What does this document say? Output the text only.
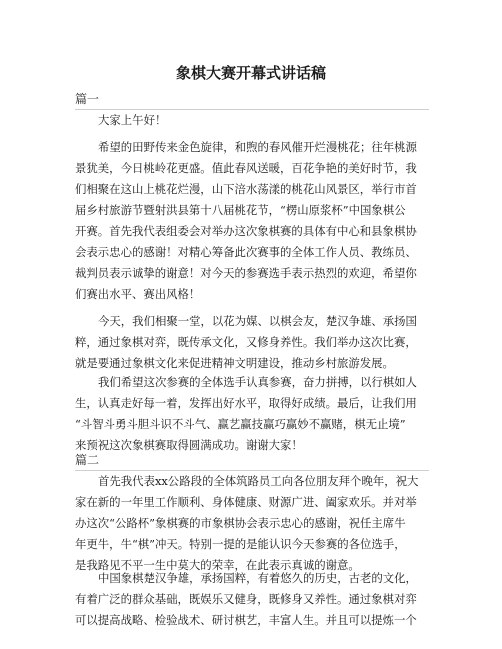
象棋大赛开幕式讲话稿
篇一
大家上午好！
希望的田野传来金色旋律，和煦的春风催开烂漫桃花；往年桃源
景犹美，今日桃岭花更盛。值此春风送暖，百花争艳的美好时节，我
们相聚在这山上桃花烂漫，山下涪水荡漾的桃花山风景区，举行市首
届乡村旅游节暨射洪县第十八届桃花节，“楞山原浆杯”中国象棋公
开赛。首先我代表组委会对举办这次象棋赛的具体有中心和县象棋协
会表示忠心的感谢！对精心筹备此次赛事的全体工作人员、教练员、
裁判员表示诚挚的谢意！对今天的参赛选手表示热烈的欢迎，希望你
们赛出水平、赛出风格！
今天，我们相聚一堂，以花为媒、以棋会友，楚汉争雄、承扬国
粹，通过象棋对弈，既传承文化，又修身养性。我们举办这次比赛，
就是要通过象棋文化来促进精神文明建设，推动乡村旅游发展。
我们希望这次参赛的全体选手认真参赛，奋力拼搏，以行棋如人
生，认真走好每一着，发挥出好水平，取得好成绩。最后，让我们用
“斗智斗勇斗胆斗识不斗气、赢艺赢技赢巧赢妙不赢赌，棋无止境”
来预祝这次象棋赛取得圆满成功。谢谢大家！
篇二
首先我代表xx公路段的全体筑路员工向各位朋友拜个晚年，祝大
家在新的一年里工作顺利、身体健康、财源广进、阖家欢乐。并对举
办这次“公路杯”象棋赛的市象棋协会表示忠心的感谢，祝任主席牛
年更牛，牛“棋”冲天。特别一提的是能认识今天参赛的各位选手，
是我路见不平一生中莫大的荣幸，在此表示真诚的谢意。
中国象棋楚汉争雄，承扬国粹，有着悠久的历史，古老的文化，
有着广泛的群众基础，既娱乐又健身，既修身又养性。通过象棋对弈
可以提高战略、检验战术、研讨棋艺，丰富人生。并且可以提炼一个
